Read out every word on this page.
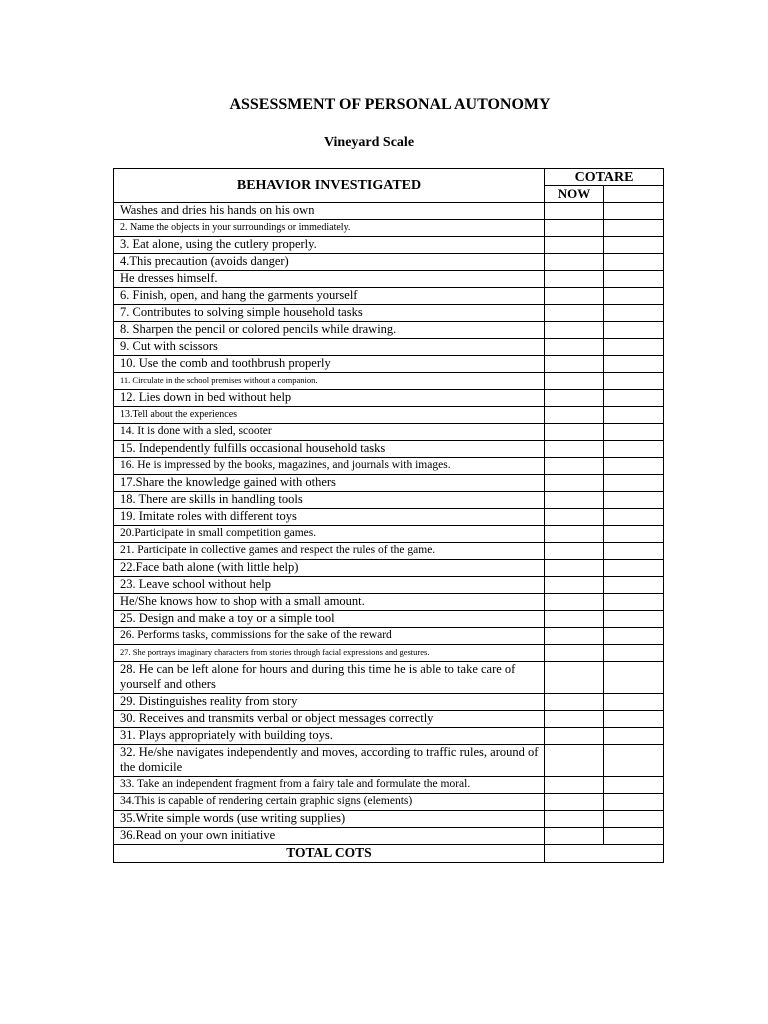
ASSESSMENT OF PERSONAL AUTONOMY
Vineyard Scale
BEHAVIOR INVESTIGATED	COTARE	
	NOW	
Washes and dries his hands on his own		
2. Name the objects in your surroundings or immediately.		
3. Eat alone, using the cutlery properly.		
4.This precaution (avoids danger)		
He dresses himself.		
6. Finish, open, and hang the garments yourself		
7. Contributes to solving simple household tasks		
8. Sharpen the pencil or colored pencils while drawing.		
9. Cut with scissors		
10. Use the comb and toothbrush properly		
11. Circulate in the school premises without a companion.		
12. Lies down in bed without help		
13.Tell about the experiences		
14. It is done with a sled, scooter		
15. Independently fulfills occasional household tasks		
16. He is impressed by the books, magazines, and journals with images.		
17.Share the knowledge gained with others		
18. There are skills in handling tools		
19. Imitate roles with different toys		
20.Participate in small competition games.		
21. Participate in collective games and respect the rules of the game.		
22.Face bath alone (with little help)		
23. Leave school without help		
He/She knows how to shop with a small amount.		
25. Design and make a toy or a simple tool		
26. Performs tasks, commissions for the sake of the reward		
27. She portrays imaginary characters from stories through facial expressions and gestures.		
28. He can be left alone for hours and during this time he is able to take care of yourself and others		
29. Distinguishes reality from story		
30. Receives and transmits verbal or object messages correctly		
31. Plays appropriately with building toys.		
32. He/she navigates independently and moves, according to traffic rules, around of the domicile		
33. Take an independent fragment from a fairy tale and formulate the moral.		
34.This is capable of rendering certain graphic signs (elements)		
35.Write simple words (use writing supplies)		
36.Read on your own initiative		
TOTAL COTS		
